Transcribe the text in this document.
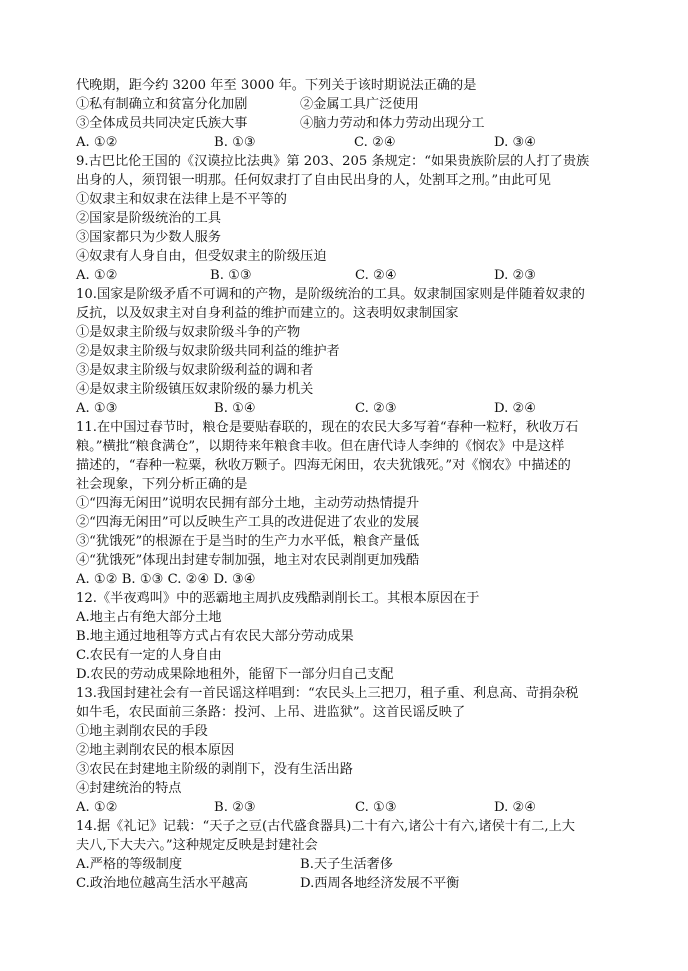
代晚期，距今约 3200 年至 3000 年。下列关于该时期说法正确的是
①私有制确立和贫富分化加剧	②金属工具广泛使用
③全体成员共同决定氏族大事	④脑力劳动和体力劳动出现分工
A. ①②	B. ①③	C. ②④	D. ③④
9.古巴比伦王国的《汉谟拉比法典》第 203、205 条规定：“如果贵族阶层的人打了贵族
出身的人，须罚银一明那。任何奴隶打了自由民出身的人，处割耳之刑。”由此可见
①奴隶主和奴隶在法律上是不平等的
②国家是阶级统治的工具
③国家都只为少数人服务
④奴隶有人身自由，但受奴隶主的阶级压迫
A. ①②	B. ①③	C. ②④	D. ②③
10.国家是阶级矛盾不可调和的产物，是阶级统治的工具。奴隶制国家则是伴随着奴隶的
反抗，以及奴隶主对自身利益的维护而建立的。这表明奴隶制国家
①是奴隶主阶级与奴隶阶级斗争的产物
②是奴隶主阶级与奴隶阶级共同利益的维护者
③是奴隶主阶级与奴隶阶级利益的调和者
④是奴隶主阶级镇压奴隶阶级的暴力机关
A. ①③	B. ①④	C. ②③	D. ②④
11.在中国过春节时，粮仓是要贴春联的，现在的农民大多写着“春种一粒籽，秋收万石
粮。”横批“粮食满仓”，以期待来年粮食丰收。但在唐代诗人李绅的《悯农》中是这样
描述的，“春种一粒粟，秋收万颗子。四海无闲田，农夫犹饿死。”对《悯农》中描述的
社会现象，下列分析正确的是
①“四海无闲田”说明农民拥有部分土地，主动劳动热情提升
②“四海无闲田”可以反映生产工具的改进促进了农业的发展
③“犹饿死”的根源在于是当时的生产力水平低，粮食产量低
④“犹饿死”体现出封建专制加强，地主对农民剥削更加残酷
A. ①② B. ①③ C. ②④ D. ③④
12.《半夜鸡叫》中的恶霸地主周扒皮残酷剥削长工。其根本原因在于
A.地主占有绝大部分土地
B.地主通过地租等方式占有农民大部分劳动成果
C.农民有一定的人身自由
D.农民的劳动成果除地租外，能留下一部分归自己支配
13.我国封建社会有一首民谣这样唱到：“农民头上三把刀，租子重、利息高、苛捐杂税
如牛毛，农民面前三条路：投河、上吊、进监狱”。这首民谣反映了
①地主剥削农民的手段
②地主剥削农民的根本原因
③农民在封建地主阶级的剥削下，没有生活出路
④封建统治的特点
A. ①②	B. ②③	C. ①③	D. ②④
14.据《礼记》记载：“天子之豆(古代盛食器具)二十有六,诸公十有六,诸侯十有二,上大
夫八,下大夫六。”这种规定反映是封建社会
A.严格的等级制度	B.天子生活奢侈
C.政治地位越高生活水平越高	D.西周各地经济发展不平衡
